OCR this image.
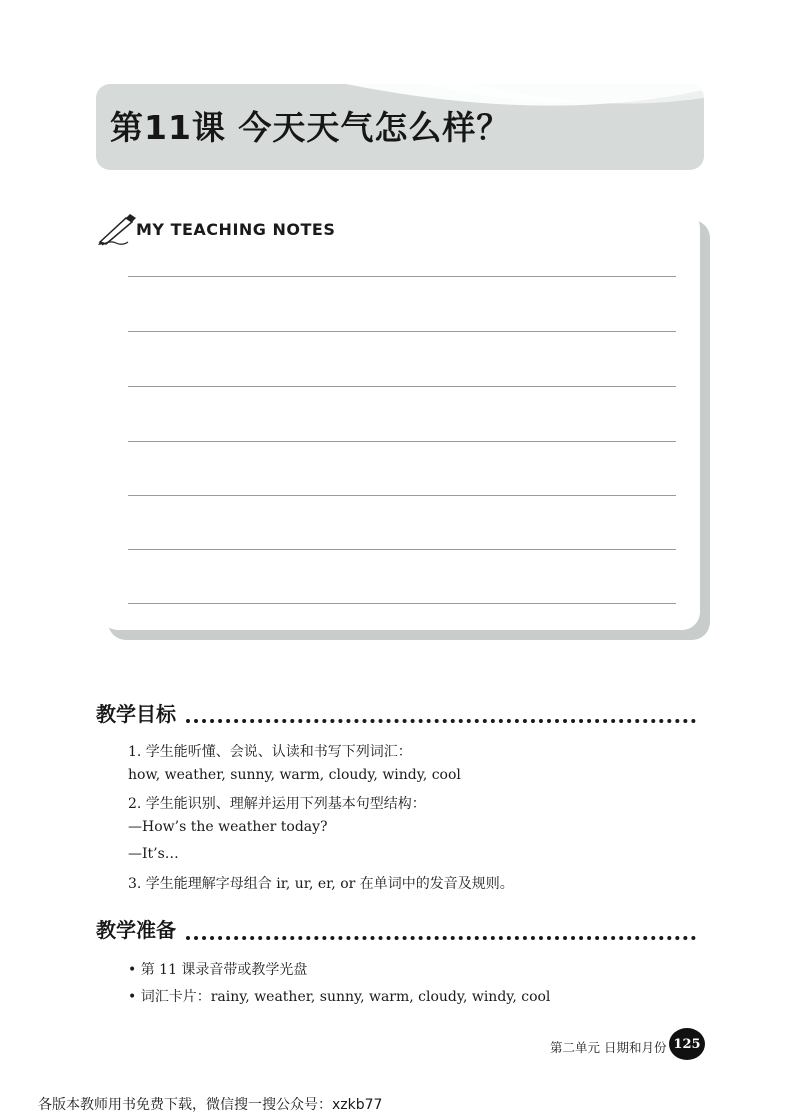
第11课 今天天气怎么样？
MY TEACHING NOTES
教学目标
1. 学生能听懂、会说、认读和书写下列词汇：
how, weather, sunny, warm, cloudy, windy, cool
2. 学生能识别、理解并运用下列基本句型结构：
—How’s the weather today?
—It’s…
3. 学生能理解字母组合 ir, ur, er, or 在单词中的发音及规则。
教学准备
• 第 11 课录音带或教学光盘
• 词汇卡片：rainy, weather, sunny, warm, cloudy, windy, cool
第二单元 日期和月份 125
各版本教师用书免费下载，微信搜一搜公众号：xzkb77
